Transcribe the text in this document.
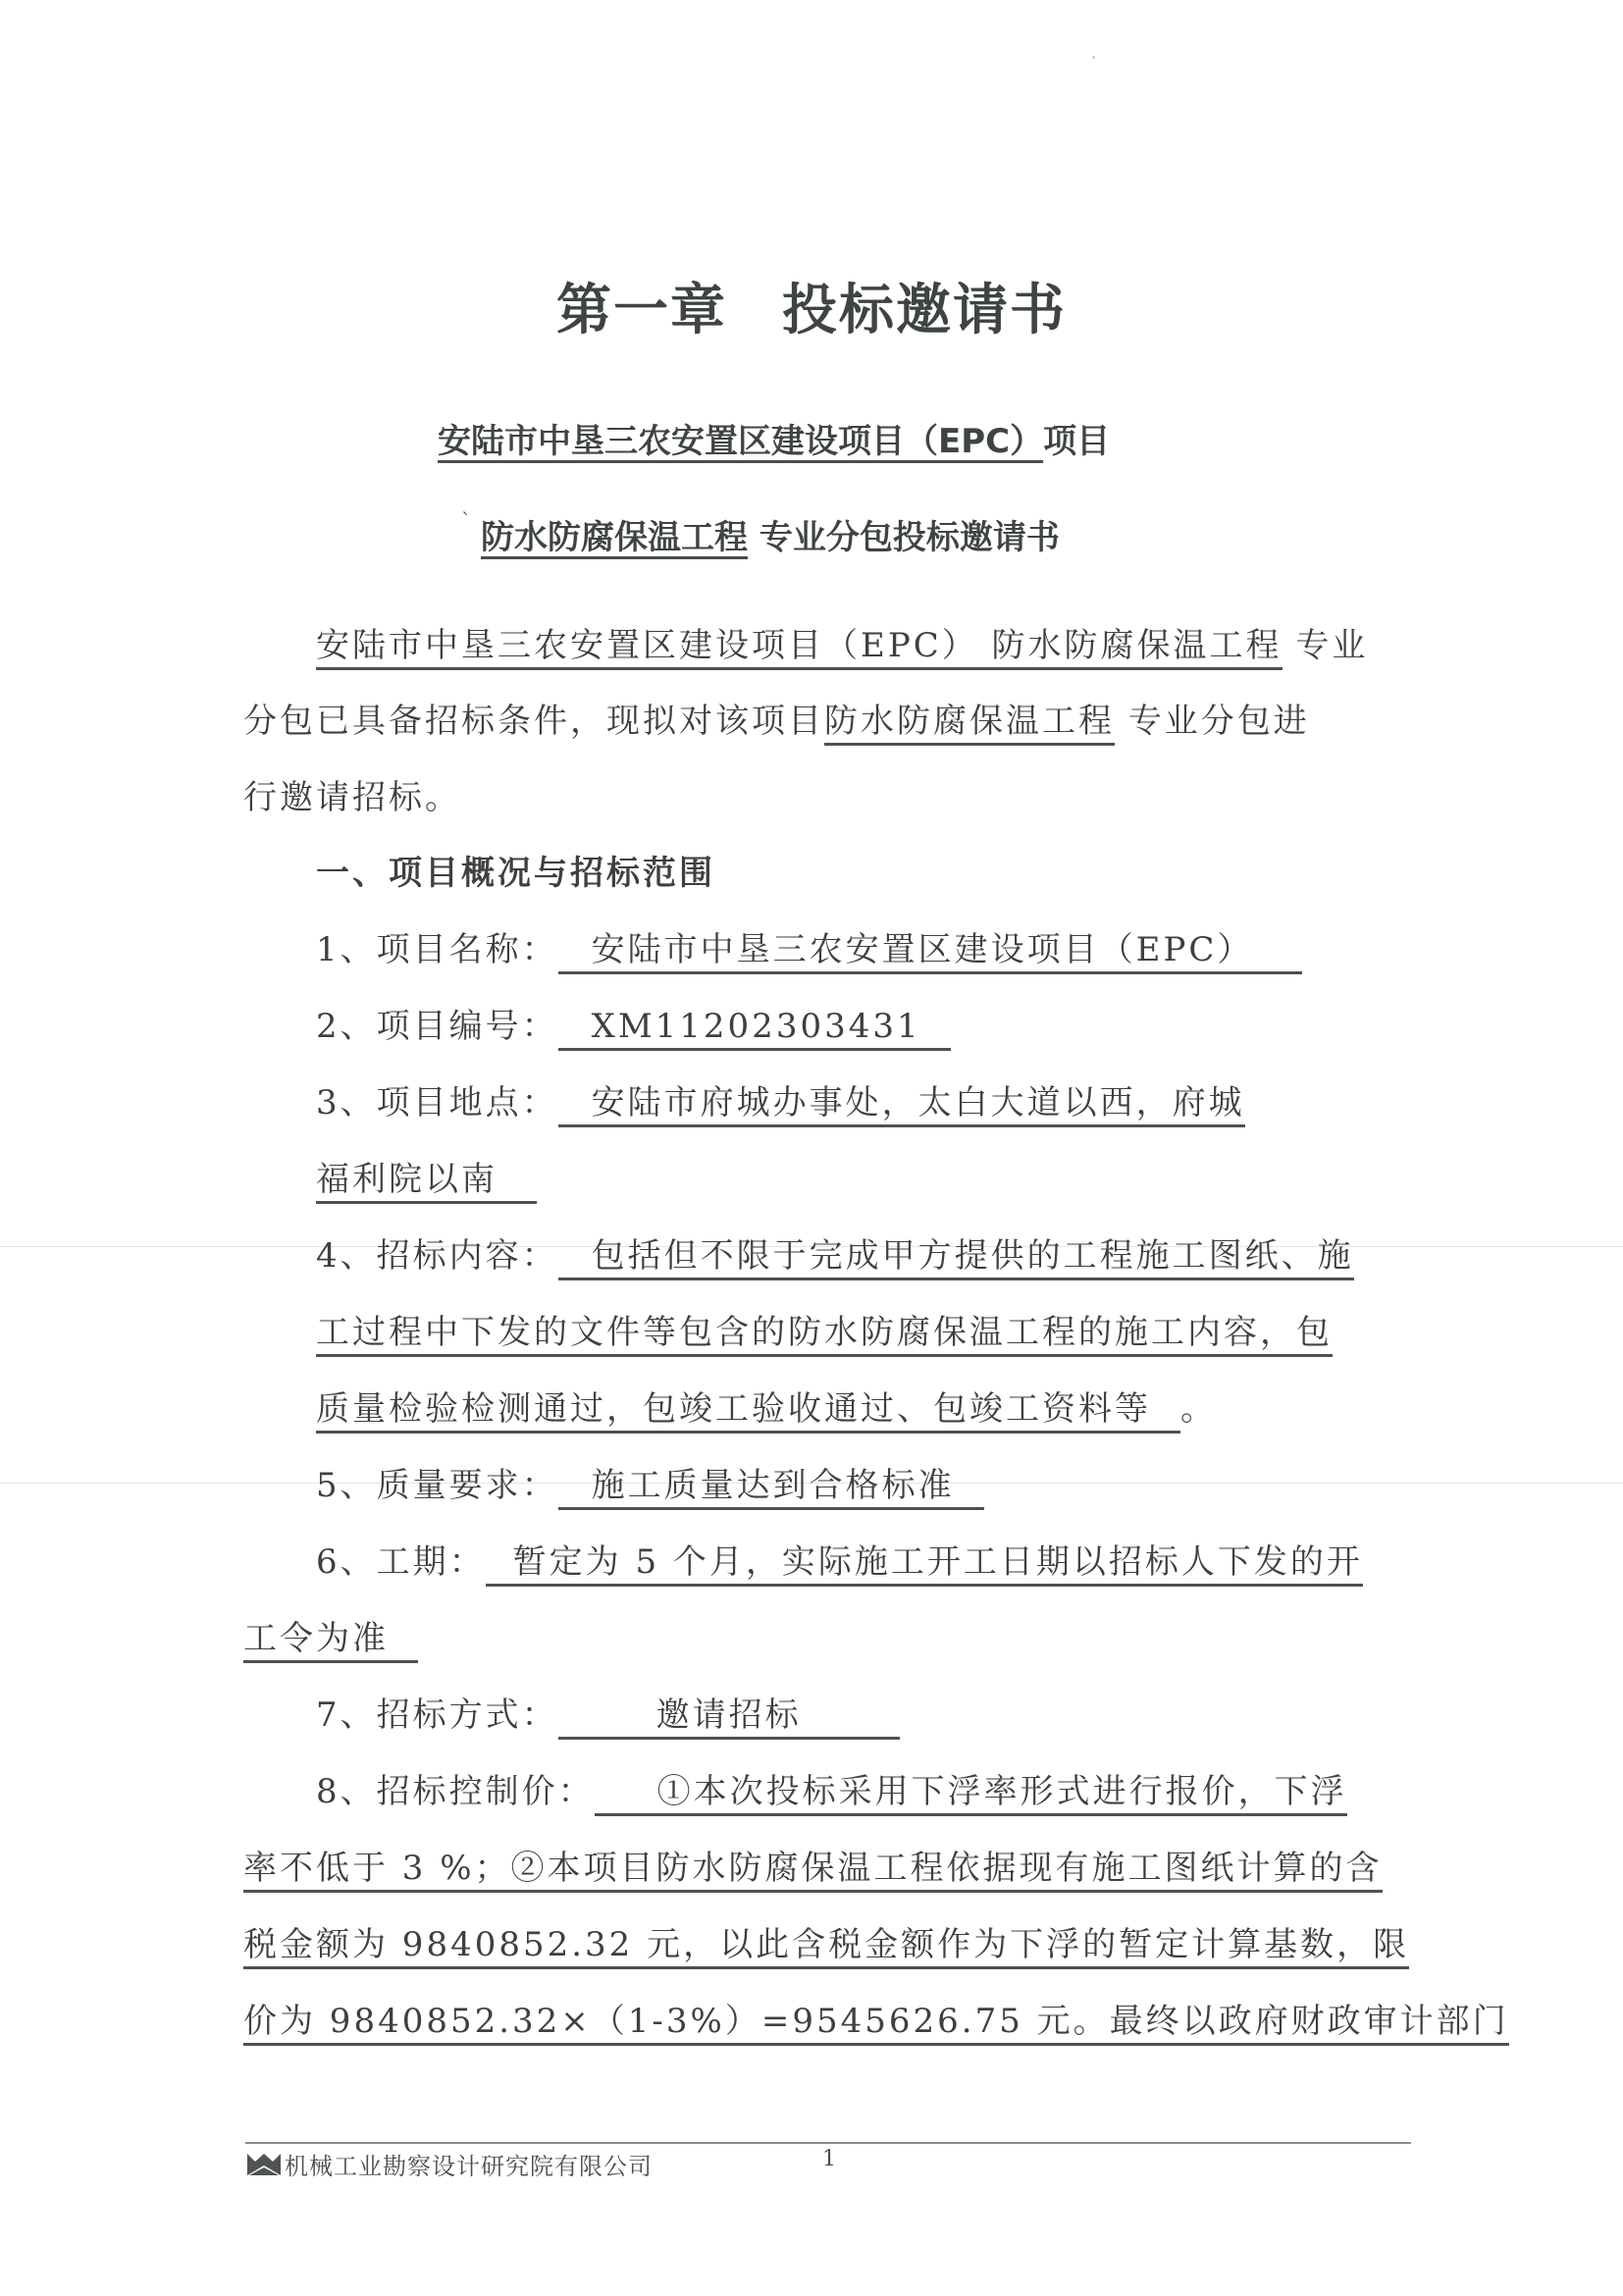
第一章 投标邀请书
安陆市中垦三农安置区建设项目（EPC）项目
` 防水防腐保温工程 专业分包投标邀请书
安陆市中垦三农安置区建设项目（EPC） 防水防腐保温工程 专业
分包已具备招标条件，现拟对该项目防水防腐保温工程 专业分包进
行邀请招标。
一、项目概况与招标范围
1、项目名称： 安陆市中垦三农安置区建设项目（EPC）
2、项目编号： XM11202303431
3、项目地点： 安陆市府城办事处，太白大道以西，府城
福利院以南
4、招标内容： 包括但不限于完成甲方提供的工程施工图纸、施
工过程中下发的文件等包含的防水防腐保温工程的施工内容，包
质量检验检测通过，包竣工验收通过、包竣工资料等 。
5、质量要求： 施工质量达到合格标准
6、工期： 暂定为 5 个月，实际施工开工日期以招标人下发的开
工令为准
7、招标方式：	邀请招标
8、招标控制价： ①本次投标采用下浮率形式进行报价，下浮
率不低于 3 %；②本项目防水防腐保温工程依据现有施工图纸计算的含
税金额为 9840852.32 元，以此含税金额作为下浮的暂定计算基数，限
价为 9840852.32×（1-3%）=9545626.75 元。最终以政府财政审计部门
机械工业勘察设计研究院有限公司	1
